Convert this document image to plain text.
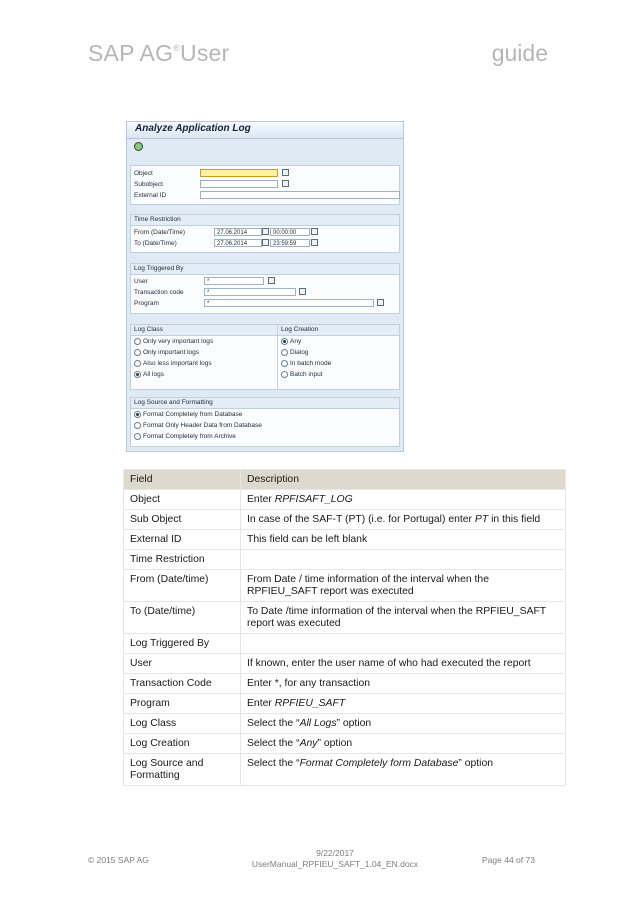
SAP AG®User	guide
Analyze Application Log
Object
Subobject
External ID
Time Restriction
From (Date/Time)	27.06.2014	00:00:00
To (Date/Time)	27.06.2014	23:59:59
Log Triggered By
User	*
Transaction code	*
Program	*
Log Class
Only very important logs
Only important logs
Also less important logs
All logs
Log Creation
Any
Dialog
In batch mode
Batch input
Log Source and Formatting
Format Completely from Database
Format Only Header Data from Database
Format Completely from Archive
Field	Description
Object	Enter RPFISAFT_LOG
Sub Object	In case of the SAF-T (PT) (i.e. for Portugal) enter PT in this field
External ID	This field can be left blank
Time Restriction	
From (Date/time)	From Date / time information of the interval when the RPFIEU_SAFT report was executed
To (Date/time)	To Date /time information of the interval when the RPFIEU_SAFT report was executed
Log Triggered By	
User	If known, enter the user name of who had executed the report
Transaction Code	Enter *, for any transaction
Program	Enter RPFIEU_SAFT
Log Class	Select the “All Logs” option
Log Creation	Select the “Any” option
Log Source and Formatting	Select the “Format Completely form Database” option
© 2015 SAP AG
9/22/2017
UserManual_RPFIEU_SAFT_1.04_EN.docx	Page 44 of 73
